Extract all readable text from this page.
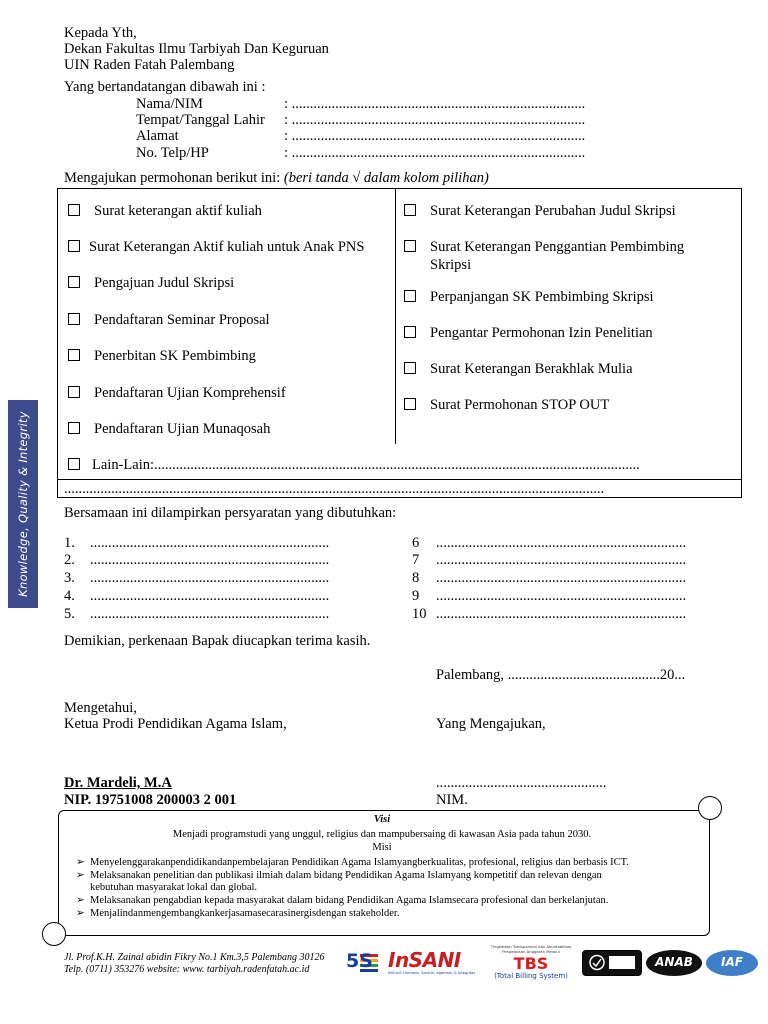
Knowledge, Quality & Integrity
Kepada Yth,
Dekan Fakultas Ilmu Tarbiyah Dan Keguruan
UIN Raden Fatah Palembang
Yang bertandatangan dibawah ini :
Nama/NIM	: .................................................................................
Tempat/Tanggal Lahir : .................................................................................
Alamat	: .................................................................................
No. Telp/HP	: .................................................................................
Mengajukan permohonan berikut ini: (beri tanda √ dalam kolom pilihan)
Surat keterangan aktif kuliah
Surat Keterangan Aktif kuliah untuk Anak PNS
Pengajuan Judul Skripsi
Pendaftaran Seminar Proposal
Penerbitan SK Pembimbing
Pendaftaran Ujian Komprehensif
Pendaftaran Ujian Munaqosah
Surat Keterangan Perubahan Judul Skripsi
Surat Keterangan Penggantian Pembimbing
Skripsi
Perpanjangan SK Pembimbing Skripsi
Pengantar Permohonan Izin Penelitian
Surat Keterangan Berakhlak Mulia
Surat Permohonan STOP OUT
Lain-Lain:......................................................................................................................................
.....................................................................................................................................................
Bersamaan ini dilampirkan persyaratan yang dibutuhkan:
1. ..................................................................
2. ..................................................................
3. ..................................................................
4. ..................................................................
5. ..................................................................
6 .....................................................................
7 .....................................................................
8 .....................................................................
9 .....................................................................
10 .....................................................................
Demikian, perkenaan Bapak diucapkan terima kasih.
Palembang, ..........................................20...
Mengetahui,
Ketua Prodi Pendidikan Agama Islam,	Yang Mengajukan,
Dr. Mardeli, M.A
NIP. 19751008 200003 2 001
...............................................
NIM.
Visi
Menjadi programstudi yang unggul, religius dan mampubersaing di kawasan Asia pada tahun 2030.
Misi
➢ Menyelenggarakanpendidikandanpembelajaran Pendidikan Agama Islamyangberkualitas, profesional, religius dan berbasis ICT.
➢ Melaksanakan penelitian dan publikasi ilmiah dalam bidang Pendidikan Agama Islamyang kompetitif dan relevan dengan
kebutuhan masyarakat lokal dan global.
➢ Melaksanakan pengabdian kepada masyarakat dalam bidang Pendidikan Agama Islamsecara profesional dan berkelanjutan.
➢ Menjalindanmengembangkankerjasamasecarasinergisdengan stakeholder.
Jl. Prof.K.H. Zainal abidin Fikry No.1 Km.3,5 Palembang 30126
Telp. (0711) 353276 website: www. tarbiyah.radenfatah.ac.id 5S InSANI
Inklusif, Humanis, Santun, Agamais, & Integritas
Tingkatkan Transparansi dan Akuntabilitas Pengelolaan Anggaran Melalui
TBS
(Total Billing System)
ANAB	IAF
